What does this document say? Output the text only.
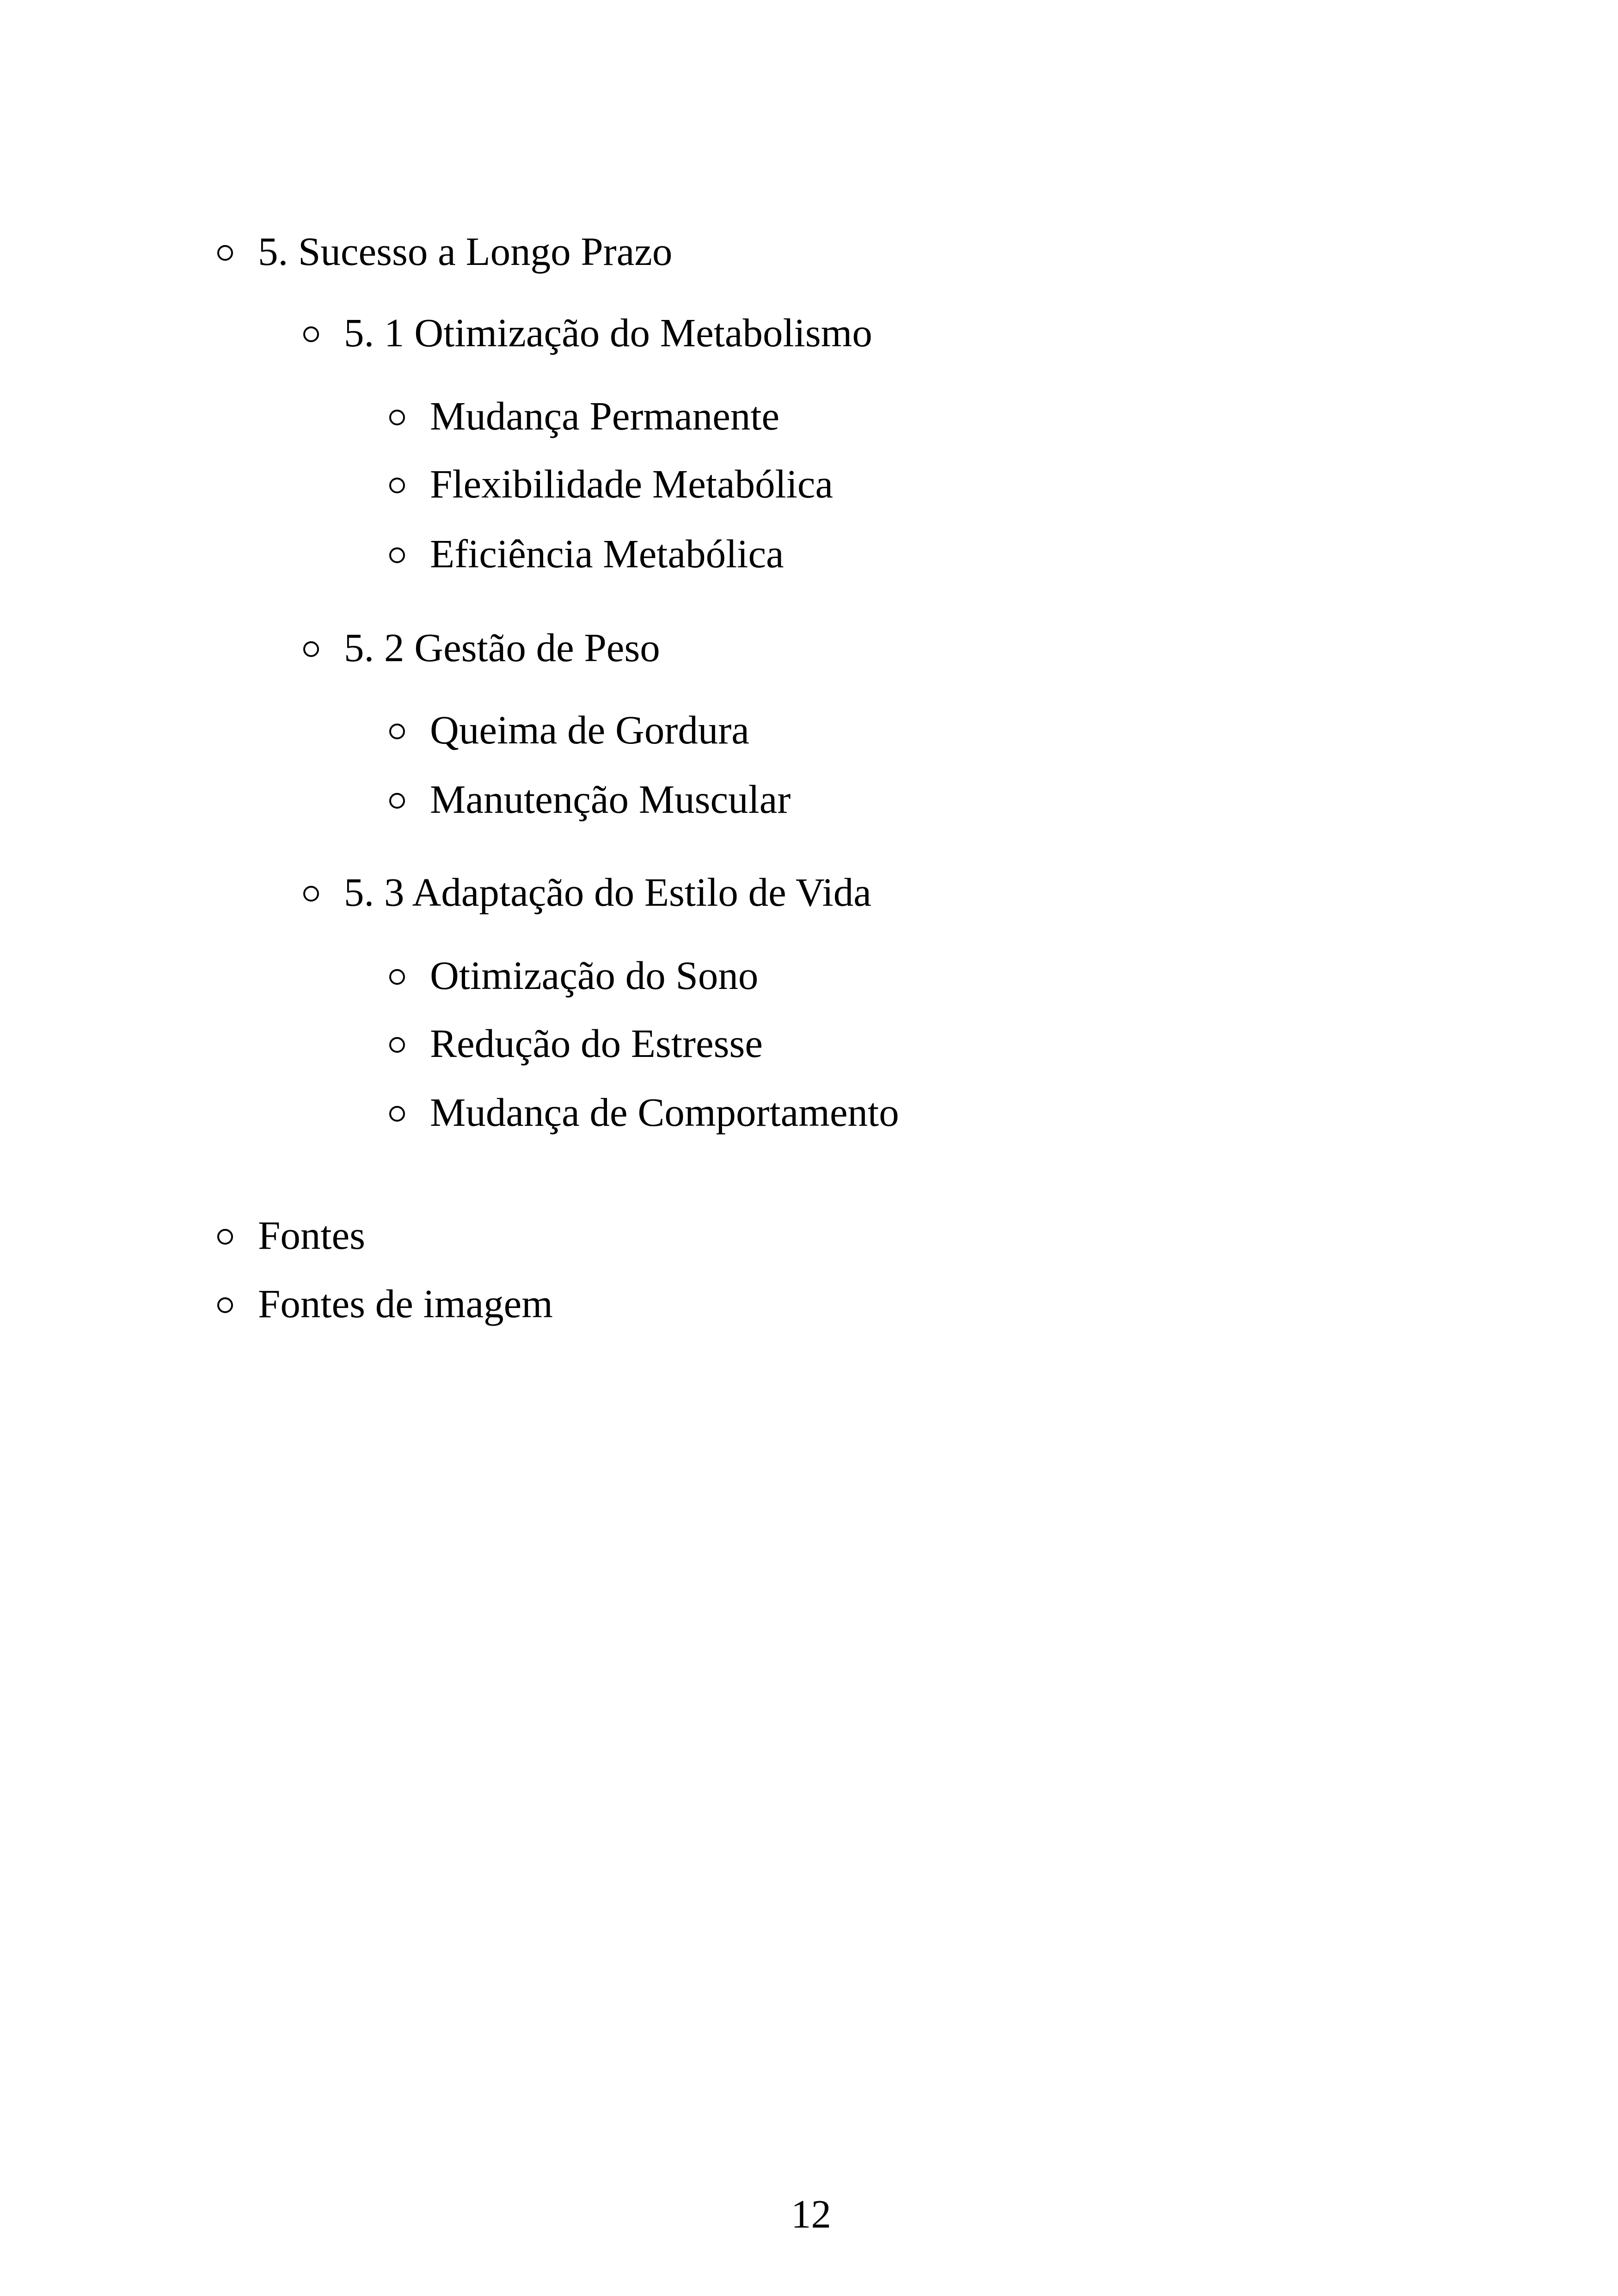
5. Sucesso a Longo Prazo
5. 1 Otimização do Metabolismo
Mudança Permanente
Flexibilidade Metabólica
Eficiência Metabólica
5. 2 Gestão de Peso
Queima de Gordura
Manutenção Muscular
5. 3 Adaptação do Estilo de Vida
Otimização do Sono
Redução do Estresse
Mudança de Comportamento
Fontes
Fontes de imagem
12
